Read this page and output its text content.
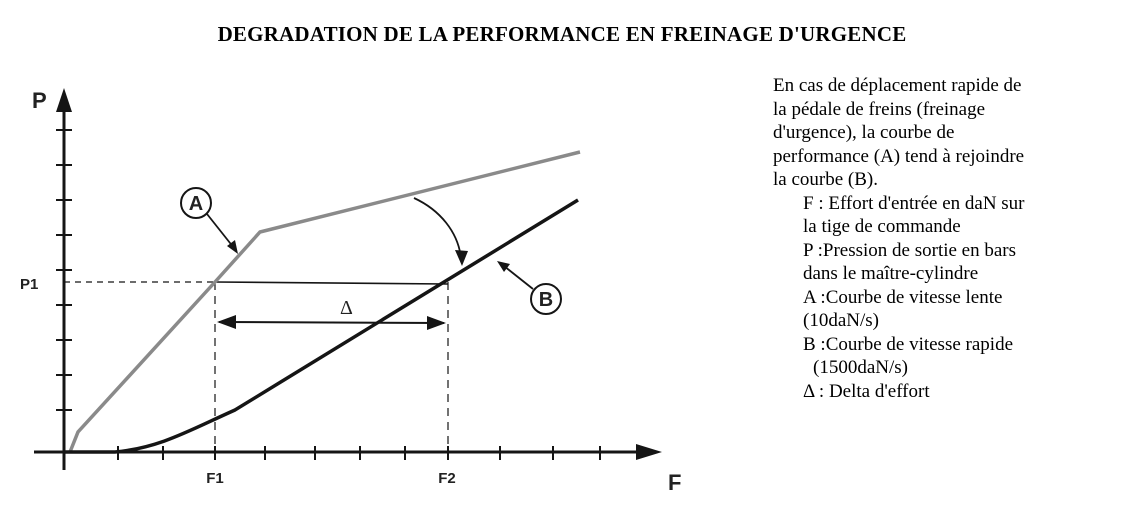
DEGRADATION DE LA PERFORMANCE EN FREINAGE D'URGENCE
Δ
A
B
P
F
P1
F1	F2
En cas de déplacement rapide de
la pédale de freins (freinage
d'urgence), la courbe de
performance (A) tend à rejoindre
la courbe (B).
F : Effort d'entrée en daN sur
la tige de commande
P :Pression de sortie en bars
dans le maître-cylindre
A :Courbe de vitesse lente
(10daN/s)
B :Courbe de vitesse rapide
(1500daN/s)
Δ : Delta d'effort
